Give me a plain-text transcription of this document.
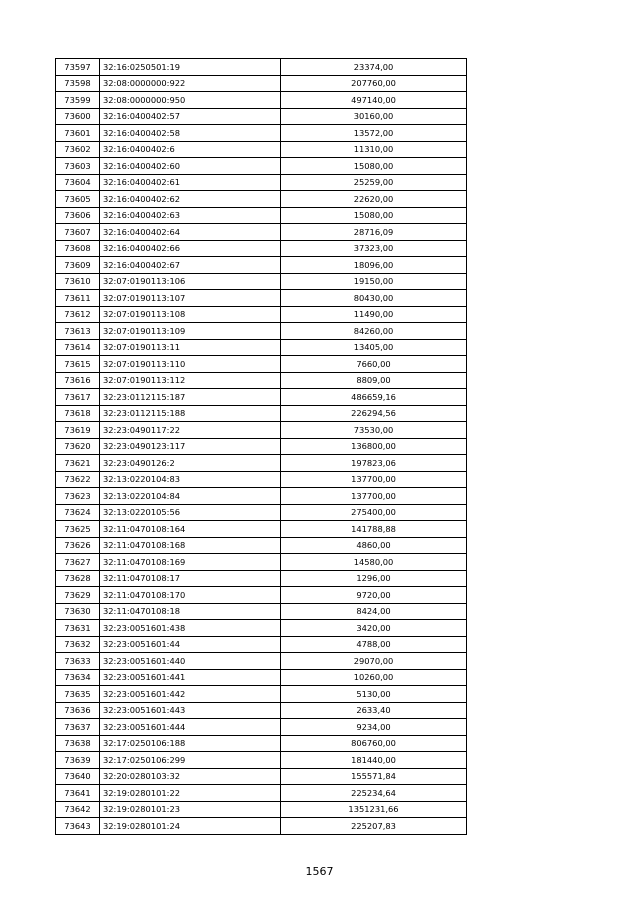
73597	32:16:0250501:19	23374,00
73598	32:08:0000000:922	207760,00
73599	32:08:0000000:950	497140,00
73600	32:16:0400402:57	30160,00
73601	32:16:0400402:58	13572,00
73602	32:16:0400402:6	11310,00
73603	32:16:0400402:60	15080,00
73604	32:16:0400402:61	25259,00
73605	32:16:0400402:62	22620,00
73606	32:16:0400402:63	15080,00
73607	32:16:0400402:64	28716,09
73608	32:16:0400402:66	37323,00
73609	32:16:0400402:67	18096,00
73610	32:07:0190113:106	19150,00
73611	32:07:0190113:107	80430,00
73612	32:07:0190113:108	11490,00
73613	32:07:0190113:109	84260,00
73614	32:07:0190113:11	13405,00
73615	32:07:0190113:110	7660,00
73616	32:07:0190113:112	8809,00
73617	32:23:0112115:187	486659,16
73618	32:23:0112115:188	226294,56
73619	32:23:0490117:22	73530,00
73620	32:23:0490123:117	136800,00
73621	32:23:0490126:2	197823,06
73622	32:13:0220104:83	137700,00
73623	32:13:0220104:84	137700,00
73624	32:13:0220105:56	275400,00
73625	32:11:0470108:164	141788,88
73626	32:11:0470108:168	4860,00
73627	32:11:0470108:169	14580,00
73628	32:11:0470108:17	1296,00
73629	32:11:0470108:170	9720,00
73630	32:11:0470108:18	8424,00
73631	32:23:0051601:438	3420,00
73632	32:23:0051601:44	4788,00
73633	32:23:0051601:440	29070,00
73634	32:23:0051601:441	10260,00
73635	32:23:0051601:442	5130,00
73636	32:23:0051601:443	2633,40
73637	32:23:0051601:444	9234,00
73638	32:17:0250106:188	806760,00
73639	32:17:0250106:299	181440,00
73640	32:20:0280103:32	155571,84
73641	32:19:0280101:22	225234,64
73642	32:19:0280101:23	1351231,66
73643	32:19:0280101:24	225207,83
1567
